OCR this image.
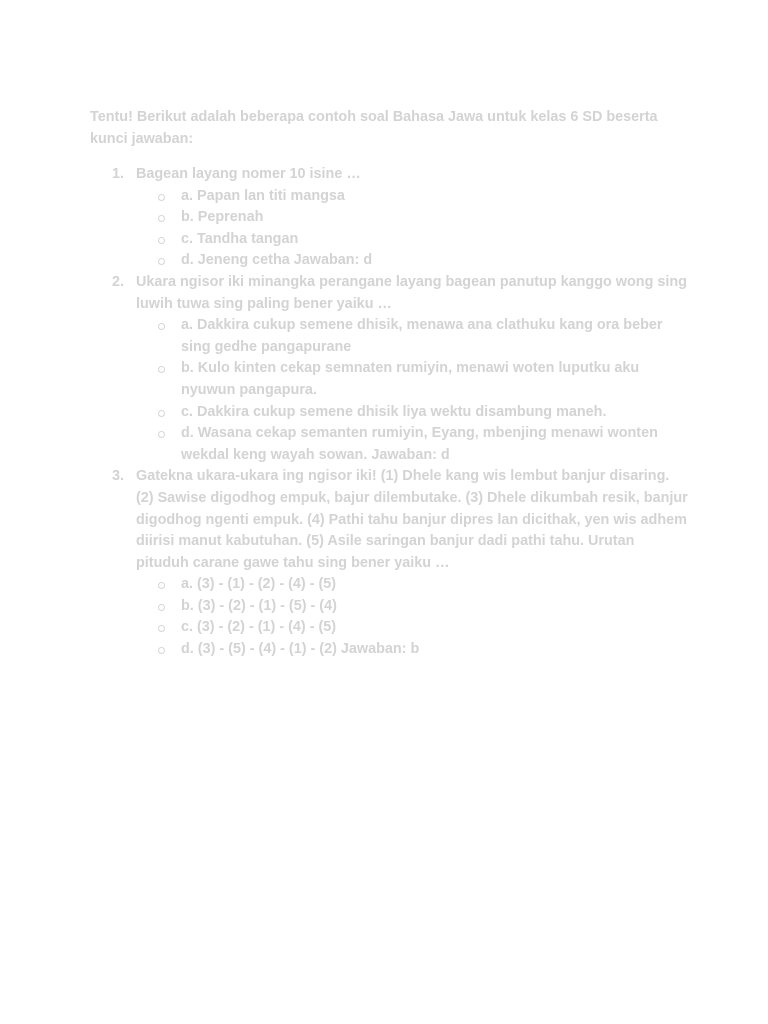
Tentu! Berikut adalah beberapa contoh soal Bahasa Jawa untuk kelas 6 SD beserta kunci jawaban:

1. Bagean layang nomer 10 isine …
a. Papan lan titi mangsa
b. Peprenah
c. Tandha tangan
d. Jeneng cetha Jawaban: d
2. Ukara ngisor iki minangka perangane layang bagean panutup kanggo wong sing luwih tuwa sing paling bener yaiku …
a. Dakkira cukup semene dhisik, menawa ana clathuku kang ora beber sing gedhe pangapurane
b. Kulo kinten cekap semnaten rumiyin, menawi woten luputku aku nyuwun pangapura.
c. Dakkira cukup semene dhisik liya wektu disambung maneh.
d. Wasana cekap semanten rumiyin, Eyang, mbenjing menawi wonten wekdal keng wayah sowan. Jawaban: d
3. Gatekna ukara-ukara ing ngisor iki! (1) Dhele kang wis lembut banjur disaring. (2) Sawise digodhog empuk, bajur dilembutake. (3) Dhele dikumbah resik, banjur digodhog ngenti empuk. (4) Pathi tahu banjur dipres lan dicithak, yen wis adhem diirisi manut kabutuhan. (5) Asile saringan banjur dadi pathi tahu. Urutan pituduh carane gawe tahu sing bener yaiku …
a. (3) - (1) - (2) - (4) - (5)
b. (3) - (2) - (1) - (5) - (4)
c. (3) - (2) - (1) - (4) - (5)
d. (3) - (5) - (4) - (1) - (2) Jawaban: b
